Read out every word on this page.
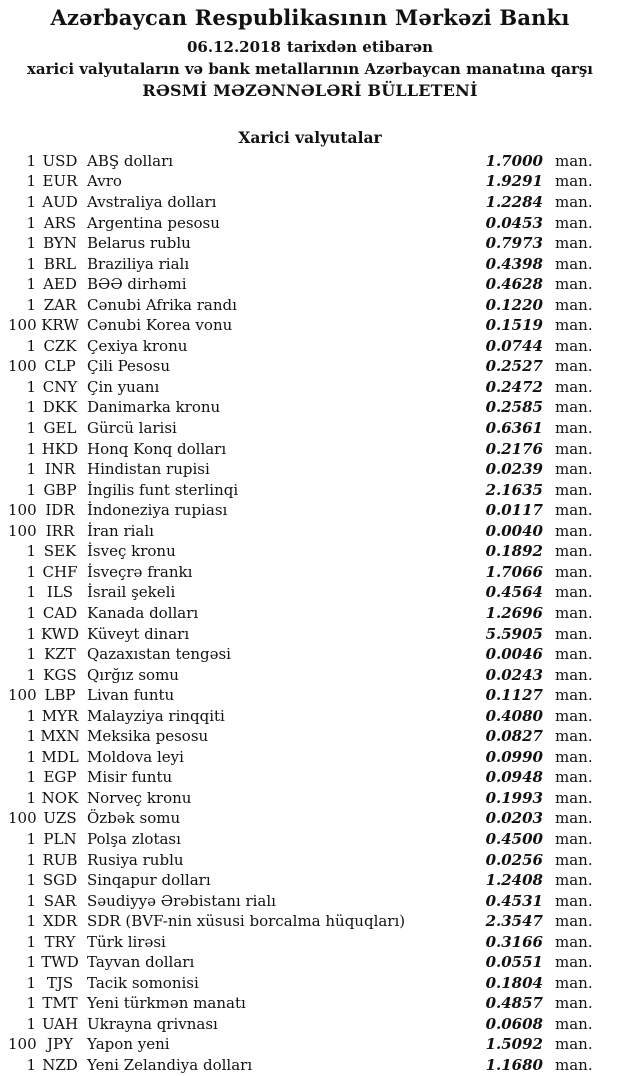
Azərbaycan Respublikasının Mərkəzi Bankı
06.12.2018 tarixdən etibarən
xarici valyutaların və bank metallarının Azərbaycan manatına qarşı
RƏSMİ MƏZƏNNƏLƏRİ BÜLLETENİ
Xarici valyutalar
1 USD ABŞ dolları	1.7000 man.
1 EUR Avro	1.9291 man.
1 AUD Avstraliya dolları	1.2284 man.
1 ARS Argentina pesosu	0.0453 man.
1 BYN Belarus rublu	0.7973 man.
1 BRL Braziliya rialı	0.4398 man.
1 AED BƏƏ dirhəmi	0.4628 man.
1 ZAR Cənubi Afrika randı	0.1220 man.
100 KRW Cənubi Korea vonu	0.1519 man.
1 CZK Çexiya kronu	0.0744 man.
100 CLP Çili Pesosu	0.2527 man.
1 CNY Çin yuanı	0.2472 man.
1 DKK Danimarka kronu	0.2585 man.
1 GEL Gürcü larisi	0.6361 man.
1 HKD Honq Konq dolları	0.2176 man.
1 INR Hindistan rupisi	0.0239 man.
1 GBP İngilis funt sterlinqi	2.1635 man.
100 IDR İndoneziya rupiası	0.0117 man.
100 IRR İran rialı	0.0040 man.
1 SEK İsveç kronu	0.1892 man.
1 CHF İsveçrə frankı	1.7066 man.
1 ILS İsrail şekeli	0.4564 man.
1 CAD Kanada dolları	1.2696 man.
1 KWD Küveyt dinarı	5.5905 man.
1 KZT Qazaxıstan tengəsi	0.0046 man.
1 KGS Qırğız somu	0.0243 man.
100 LBP Livan funtu	0.1127 man.
1 MYR Malayziya rinqqiti	0.4080 man.
1 MXN Meksika pesosu	0.0827 man.
1 MDL Moldova leyi	0.0990 man.
1 EGP Misir funtu	0.0948 man.
1 NOK Norveç kronu	0.1993 man.
100 UZS Özbək somu	0.0203 man.
1 PLN Polşa zlotası	0.4500 man.
1 RUB Rusiya rublu	0.0256 man.
1 SGD Sinqapur dolları	1.2408 man.
1 SAR Səudiyyə Ərəbistanı rialı	0.4531 man.
1 XDR SDR (BVF-nin xüsusi borcalma hüquqları)	2.3547 man.
1 TRY Türk lirəsi	0.3166 man.
1 TWD Tayvan dolları	0.0551 man.
1 TJS Tacik somonisi	0.1804 man.
1 TMT Yeni türkmən manatı	0.4857 man.
1 UAH Ukrayna qrivnası	0.0608 man.
100 JPY Yapon yeni	1.5092 man.
1 NZD Yeni Zelandiya dolları	1.1680 man.
